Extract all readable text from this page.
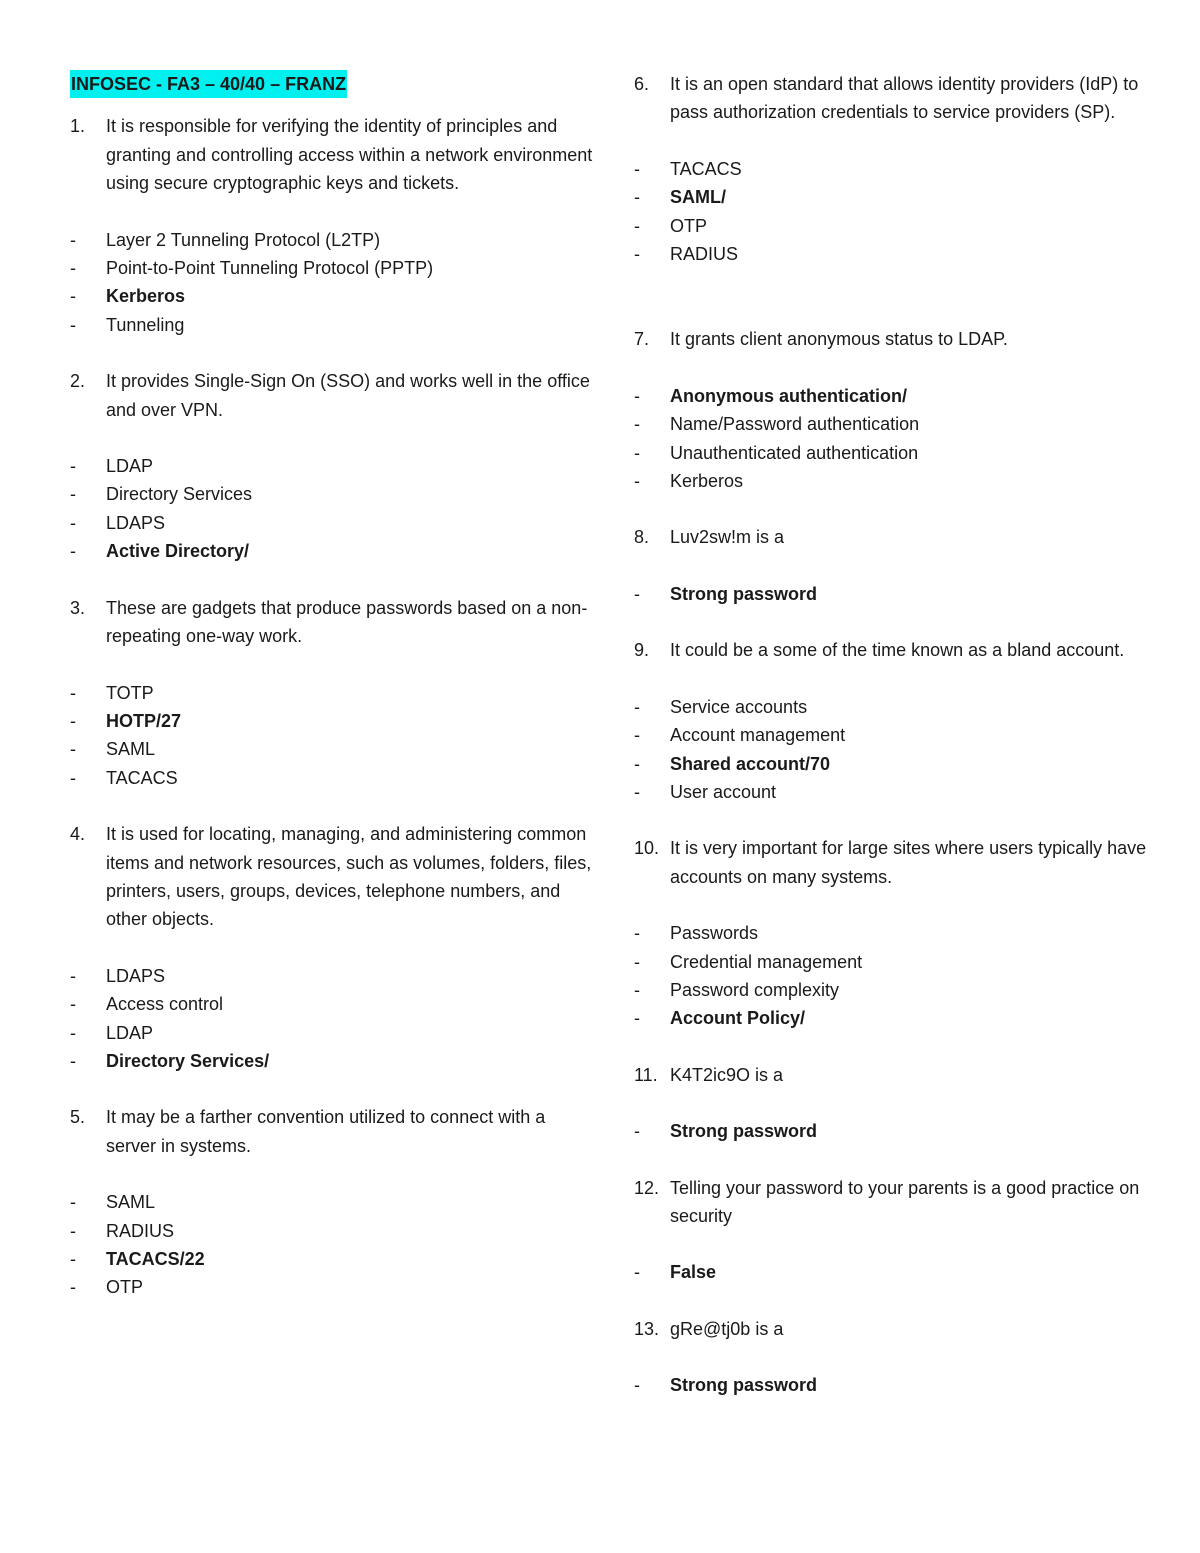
INFOSEC - FA3 – 40/40 – FRANZ
1.	It is responsible for verifying the identity of principles and granting and controlling access within a network environment using secure cryptographic keys and tickets.
-	Layer 2 Tunneling Protocol (L2TP)
-	Point-to-Point Tunneling Protocol (PPTP)
-	Kerberos
-	Tunneling
2.	It provides Single-Sign On (SSO) and works well in the office and over VPN.
-	LDAP
-	Directory Services
-	LDAPS
-	Active Directory/
3.	These are gadgets that produce passwords based on a non-repeating one-way work.
-	TOTP
-	HOTP/27
-	SAML
-	TACACS
4.	It is used for locating, managing, and administering common items and network resources, such as volumes, folders, files, printers, users, groups, devices, telephone numbers, and other objects.
-	LDAPS
-	Access control
-	LDAP
-	Directory Services/
5.	It may be a farther convention utilized to connect with a server in systems.
-	SAML
-	RADIUS
-	TACACS/22
-	OTP
6.	It is an open standard that allows identity providers (IdP) to pass authorization credentials to service providers (SP).
-	TACACS
-	SAML/
-	OTP
-	RADIUS
7.	It grants client anonymous status to LDAP.
-	Anonymous authentication/
-	Name/Password authentication
-	Unauthenticated authentication
-	Kerberos
8.	Luv2sw!m is a
-	Strong password
9.	It could be a some of the time known as a bland account.
-	Service accounts
-	Account management
-	Shared account/70
-	User account
10. It is very important for large sites where users typically have accounts on many systems.
-	Passwords
-	Credential management
-	Password complexity
-	Account Policy/
11. K4T2ic9O is a
-	Strong password
12. Telling your password to your parents is a good practice on security
-	False
13. gRe@tj0b is a
-	Strong password
